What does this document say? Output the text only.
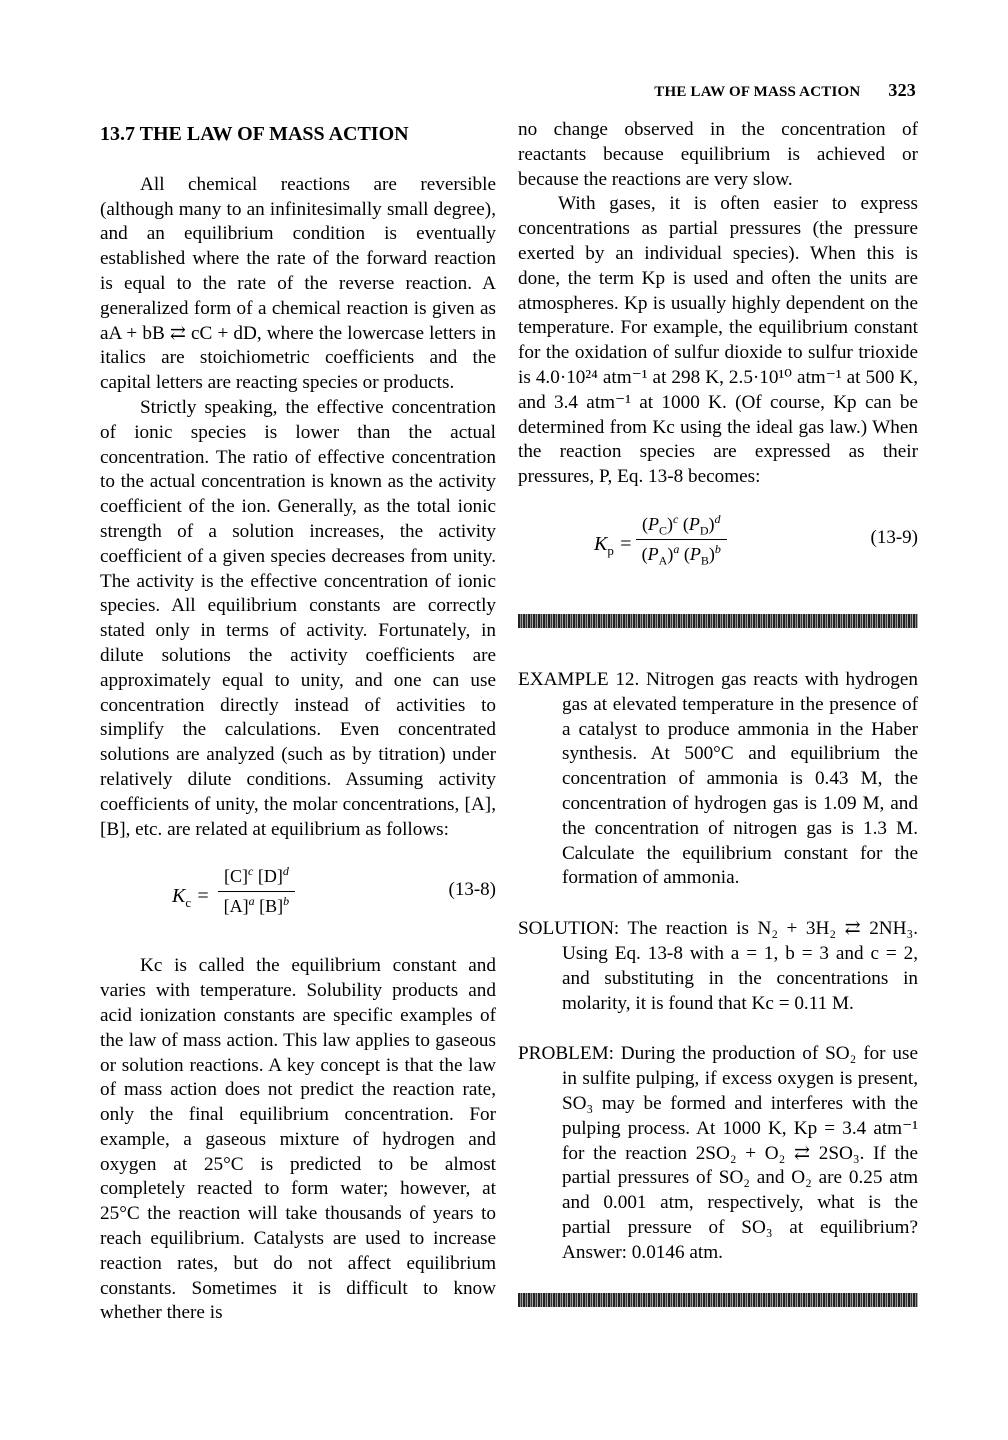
THE LAW OF MASS ACTION 323

13.7 THE LAW OF MASS ACTION

All chemical reactions are reversible (although many to an infinitesimally small degree), and an equilibrium condition is eventually established where the rate of the forward reaction is equal to the rate of the reverse reaction. A generalized form of a chemical reaction is given as aA + bB ⇄ cC + dD, where the lowercase letters in italics are stoichiometric coefficients and the capital letters are reacting species or products.

Strictly speaking, the effective concentration of ionic species is lower than the actual concentration. The ratio of effective concentration to the actual concentration is known as the activity coefficient of the ion. Generally, as the total ionic strength of a solution increases, the activity coefficient of a given species decreases from unity. The activity is the effective concentration of ionic species. All equilibrium constants are correctly stated only in terms of activity. Fortunately, in dilute solutions the activity coefficients are approximately equal to unity, and one can use concentration directly instead of activities to simplify the calculations. Even concentrated solutions are analyzed (such as by titration) under relatively dilute conditions. Assuming activity coefficients of unity, the molar concentrations, [A], [B], etc. are related at equilibrium as follows:

$K_c = \frac{[C]^c [D]^d}{[A]^a [B]^b}$	(13-8)

Kc is called the equilibrium constant and varies with temperature. Solubility products and acid ionization constants are specific examples of the law of mass action. This law applies to gaseous or solution reactions. A key concept is that the law of mass action does not predict the reaction rate, only the final equilibrium concentration. For example, a gaseous mixture of hydrogen and oxygen at 25°C is predicted to be almost completely reacted to form water; however, at 25°C the reaction will take thousands of years to reach equilibrium. Catalysts are used to increase reaction rates, but do not affect equilibrium constants. Sometimes it is difficult to know whether there is

no change observed in the concentration of reactants because equilibrium is achieved or because the reactions are very slow.

With gases, it is often easier to express concentrations as partial pressures (the pressure exerted by an individual species). When this is done, the term Kp is used and often the units are atmospheres. Kp is usually highly dependent on the temperature. For example, the equilibrium constant for the oxidation of sulfur dioxide to sulfur trioxide is 4.0·10²⁴ atm⁻¹ at 298 K, 2.5·10¹⁰ atm⁻¹ at 500 K, and 3.4 atm⁻¹ at 1000 K. (Of course, Kp can be determined from Kc using the ideal gas law.) When the reaction species are expressed as their pressures, P, Eq. 13-8 becomes:

$K_p = \frac{(P_C)^c (P_D)^d}{(P_A)^a (P_B)^b}$	(13-9)

EXAMPLE 12. Nitrogen gas reacts with hydrogen gas at elevated temperature in the presence of a catalyst to produce ammonia in the Haber synthesis. At 500°C and equilibrium the concentration of ammonia is 0.43 M, the concentration of hydrogen gas is 1.09 M, and the concentration of nitrogen gas is 1.3 M. Calculate the equilibrium constant for the formation of ammonia.

SOLUTION: The reaction is N₂ + 3H₂ ⇄ 2NH₃. Using Eq. 13-8 with a = 1, b = 3 and c = 2, and substituting in the concentrations in molarity, it is found that Kc = 0.11 M.

PROBLEM: During the production of SO₂ for use in sulfite pulping, if excess oxygen is present, SO₃ may be formed and interferes with the pulping process. At 1000 K, Kp = 3.4 atm⁻¹ for the reaction 2SO₂ + O₂ ⇄ 2SO₃. If the partial pressures of SO₂ and O₂ are 0.25 atm and 0.001 atm, respectively, what is the partial pressure of SO₃ at equilibrium? Answer: 0.0146 atm.
